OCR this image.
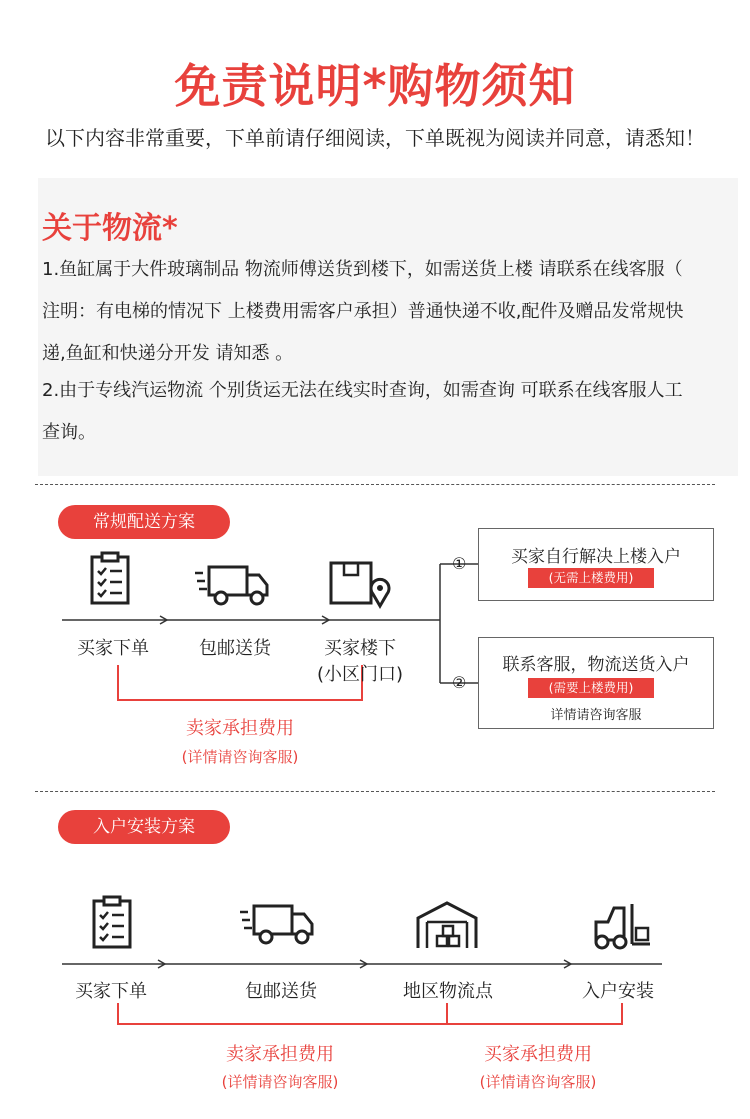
免责说明*购物须知
以下内容非常重要，下单前请仔细阅读，下单既视为阅读并同意，请悉知！
关于物流*
1.鱼缸属于大件玻璃制品 物流师傅送货到楼下，如需送货上楼 请联系在线客服（
注明：有电梯的情况下 上楼费用需客户承担）普通快递不收,配件及赠品发常规快
递,鱼缸和快递分开发 请知悉 。
2.由于专线汽运物流 个别货运无法在线实时查询，如需查询 可联系在线客服人工
查询。
常规配送方案
①
②
买家下单	包邮送货	买家楼下
(小区门口)
卖家承担费用
(详情请咨询客服)
买家自行解决上楼入户
(无需上楼费用)
联系客服，物流送货入户
(需要上楼费用)
详情请咨询客服
入户安装方案
买家下单	包邮送货	地区物流点	入户安装
卖家承担费用
(详情请咨询客服)
买家承担费用
(详情请咨询客服)
